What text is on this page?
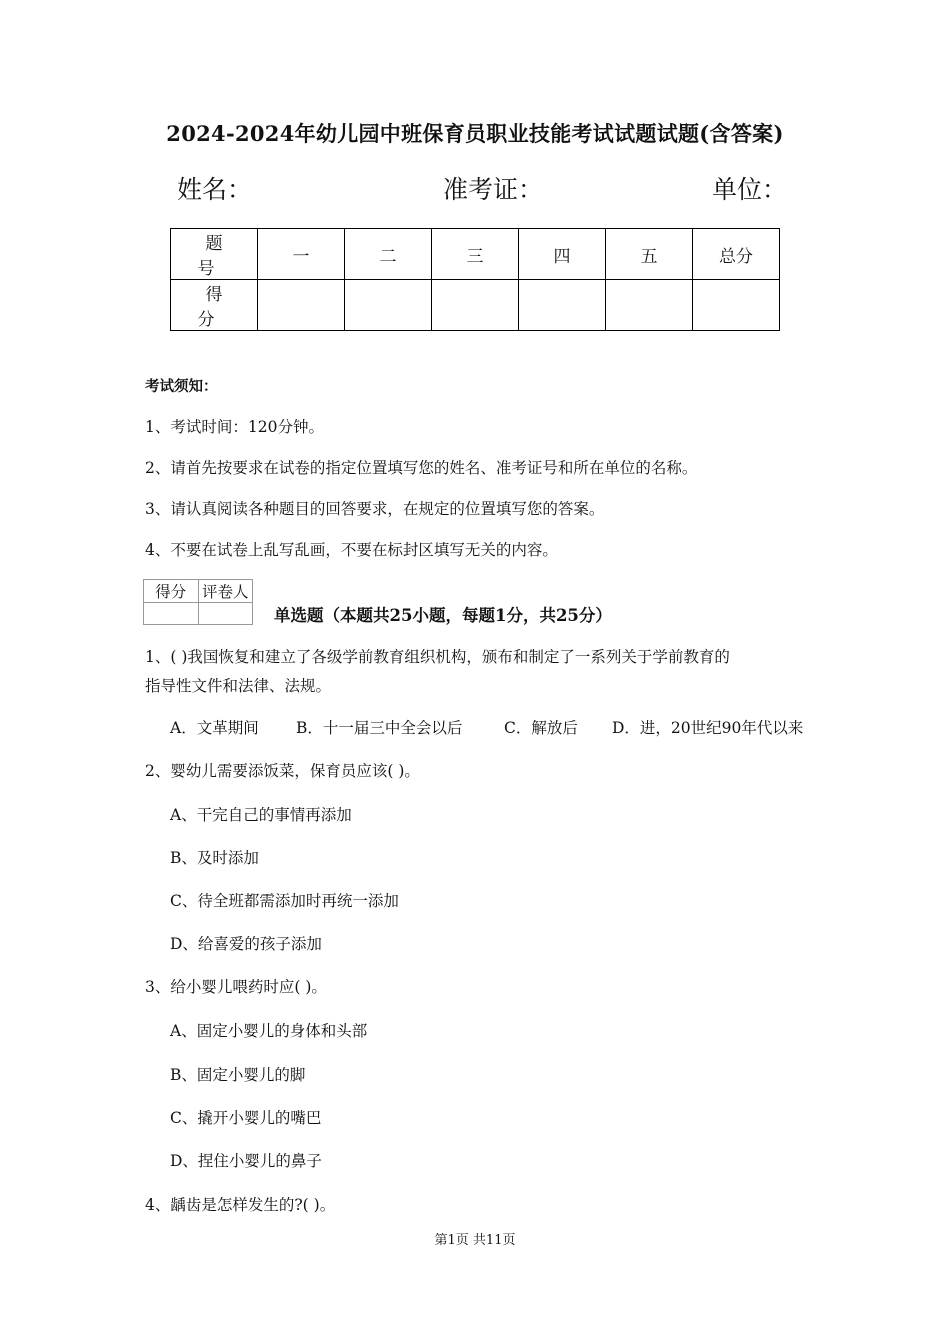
2024-2024年幼儿园中班保育员职业技能考试试题试题(含答案)
姓名：	准考证：	单位：
题 号	一	二	三	四	五	总分
得 分						
考试须知：
1、考试时间：120分钟。
2、请首先按要求在试卷的指定位置填写您的姓名、准考证号和所在单位的名称。
3、请认真阅读各种题目的回答要求，在规定的位置填写您的答案。
4、不要在试卷上乱写乱画，不要在标封区填写无关的内容。
得分	评卷人

单选题（本题共25小题，每题1分，共25分）
1、( )我国恢复和建立了各级学前教育组织机构，颁布和制定了一系列关于学前教育的
指导性文件和法律、法规。
A．文革期间 B．十一届三中全会以后	C．解放后 D．进，20世纪90年代以来
2、婴幼儿需要添饭菜，保育员应该( )。
A、干完自己的事情再添加
B、及时添加
C、待全班都需添加时再统一添加
D、给喜爱的孩子添加
3、给小婴儿喂药时应( )。
A、固定小婴儿的身体和头部
B、固定小婴儿的脚
C、撬开小婴儿的嘴巴
D、捏住小婴儿的鼻子
4、龋齿是怎样发生的?( )。
第1页 共11页
